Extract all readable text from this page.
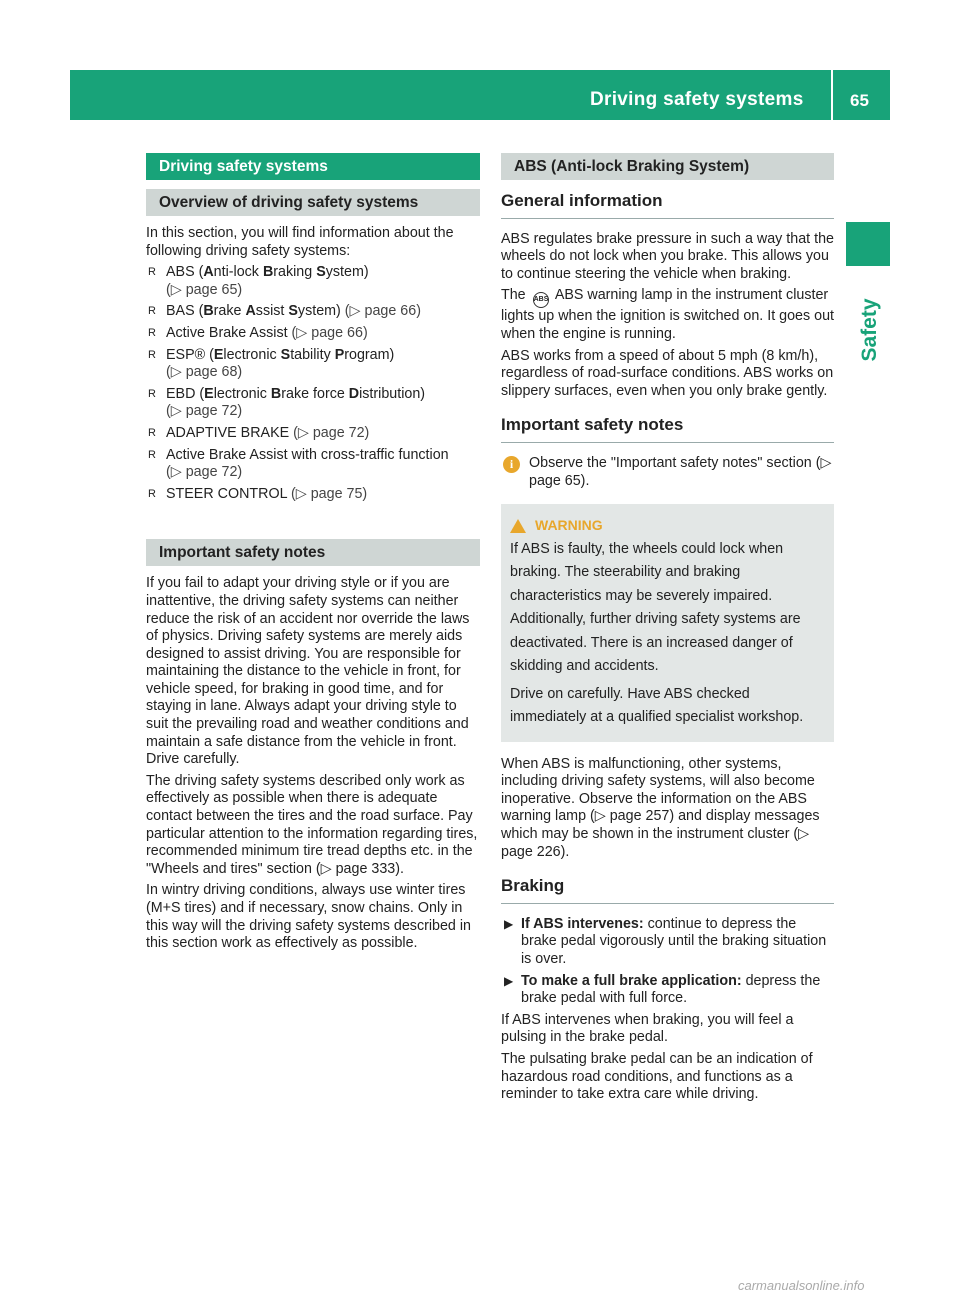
Driving safety systems	65
Safety
Driving safety systems
Overview of driving safety systems

In this section, you will find information about the following driving safety systems:

R ABS (Anti-lock Braking System)
(▷ page 65)
R BAS (Brake Assist System) (▷ page 66)
R Active Brake Assist (▷ page 66)
R ESP® (Electronic Stability Program)
(▷ page 68)
R EBD (Electronic Brake force Distribution)
(▷ page 72)
R ADAPTIVE BRAKE (▷ page 72)
R Active Brake Assist with cross-traffic function
(▷ page 72)
R STEER CONTROL (▷ page 75)
Important safety notes

If you fail to adapt your driving style or if you are inattentive, the driving safety systems can neither reduce the risk of an accident nor override the laws of physics. Driving safety systems are merely aids designed to assist driving. You are responsible for maintaining the distance to the vehicle in front, for vehicle speed, for braking in good time, and for staying in lane. Always adapt your driving style to suit the prevailing road and weather conditions and maintain a safe distance from the vehicle in front. Drive carefully.

The driving safety systems described only work as effectively as possible when there is adequate contact between the tires and the road surface. Pay particular attention to the information regarding tires, recommended minimum tire tread depths etc. in the "Wheels and tires" section (▷ page 333).

In wintry driving conditions, always use winter tires (M+S tires) and if necessary, snow chains. Only in this way will the driving safety systems described in this section work as effectively as possible.

ABS (Anti-lock Braking System)
General information

ABS regulates brake pressure in such a way that the wheels do not lock when you brake. This allows you to continue steering the vehicle when braking.

The ABS ABS warning lamp in the instrument cluster lights up when the ignition is switched on. It goes out when the engine is running.

ABS works from a speed of about 5 mph (8 km/h), regardless of road-surface conditions. ABS works on slippery surfaces, even when you only brake gently.

Important safety notes
i	Observe the "Important safety notes" section (▷ page 65).
WARNING

If ABS is faulty, the wheels could lock when braking. The steerability and braking characteristics may be severely impaired. Additionally, further driving safety systems are deactivated. There is an increased danger of skidding and accidents.

Drive on carefully. Have ABS checked immediately at a qualified specialist workshop.

When ABS is malfunctioning, other systems, including driving safety systems, will also become inoperative. Observe the information on the ABS warning lamp (▷ page 257) and display messages which may be shown in the instrument cluster (▷ page 226).

Braking
▶ If ABS intervenes: continue to depress the brake pedal vigorously until the braking situation is over.
▶ To make a full brake application: depress the brake pedal with full force.

If ABS intervenes when braking, you will feel a pulsing in the brake pedal.

The pulsating brake pedal can be an indication of hazardous road conditions, and functions as a reminder to take extra care while driving.

carmanualsonline.info
